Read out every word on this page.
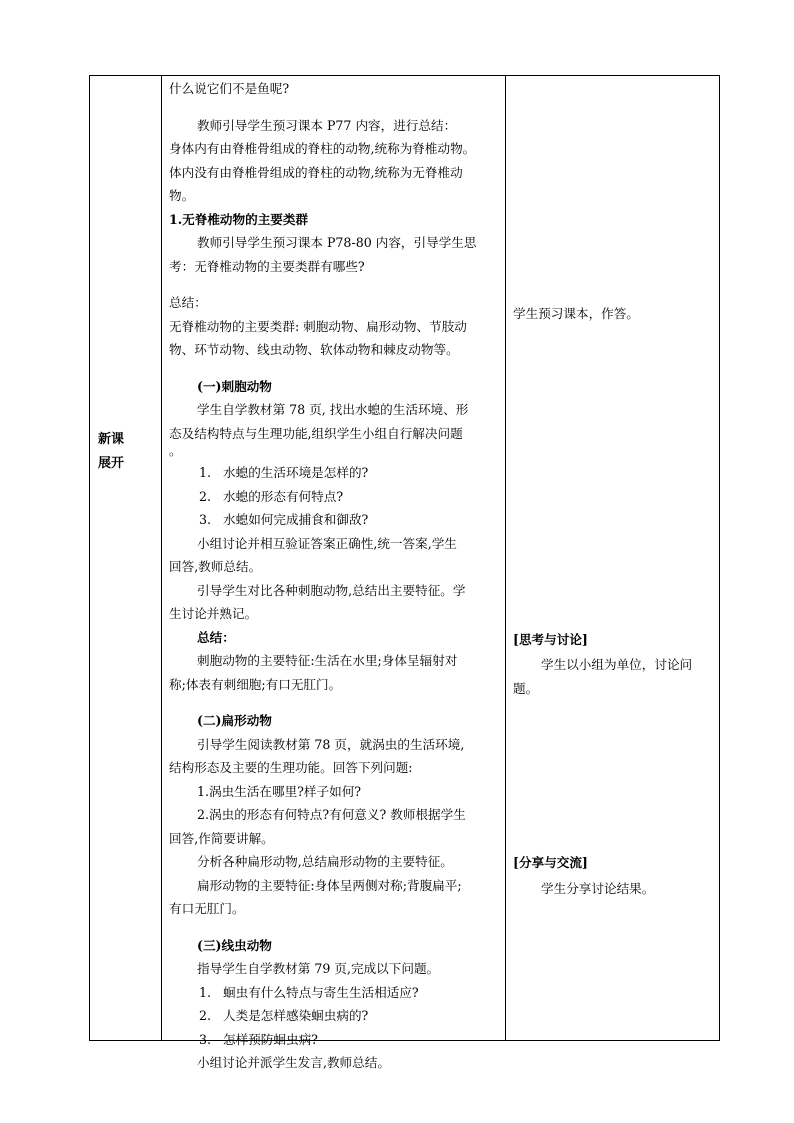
新课
展开

什么说它们不是鱼呢?
教师引导学生预习课本 P77 内容，进行总结：
身体内有由脊椎骨组成的脊柱的动物,统称为脊椎动物。
体内没有由脊椎骨组成的脊柱的动物,统称为无脊椎动
物。
1.无脊椎动物的主要类群
教师引导学生预习课本 P78-80 内容，引导学生思
考：无脊椎动物的主要类群有哪些?
总结：
无脊椎动物的主要类群: 刺胞动物、扁形动物、节肢动
物、环节动物、线虫动物、软体动物和棘皮动物等。
(一)刺胞动物
学生自学教材第 78 页, 找出水螅的生活环境、形
态及结构特点与生理功能,组织学生小组自行解决问题
。
1. 水螅的生活环境是怎样的?
2. 水螅的形态有何特点?
3. 水螅如何完成捕食和御敌?
小组讨论并相互验证答案正确性,统一答案,学生
回答,教师总结。
引导学生对比各种刺胞动物,总结出主要特征。学
生讨论并熟记。
总结：
刺胞动物的主要特征:生活在水里;身体呈辐射对
称;体表有刺细胞;有口无肛门。
(二)扁形动物
引导学生阅读教材第 78 页，就涡虫的生活环境,
结构形态及主要的生理功能。回答下列问题:
1.涡虫生活在哪里?样子如何?
2.涡虫的形态有何特点?有何意义? 教师根据学生
回答,作简要讲解。
分析各种扁形动物,总结扁形动物的主要特征。
扁形动物的主要特征:身体呈两侧对称;背腹扁平;
有口无肛门。
(三)线虫动物
指导学生自学教材第 79 页,完成以下问题。
1. 蛔虫有什么特点与寄生生活相适应?
2. 人类是怎样感染蛔虫病的?
3. 怎样预防蛔虫病?
小组讨论并派学生发言,教师总结。

学生预习课本，作答。
[思考与讨论]
学生以小组为单位，讨论问
题。
[分享与交流]
学生分享讨论结果。
